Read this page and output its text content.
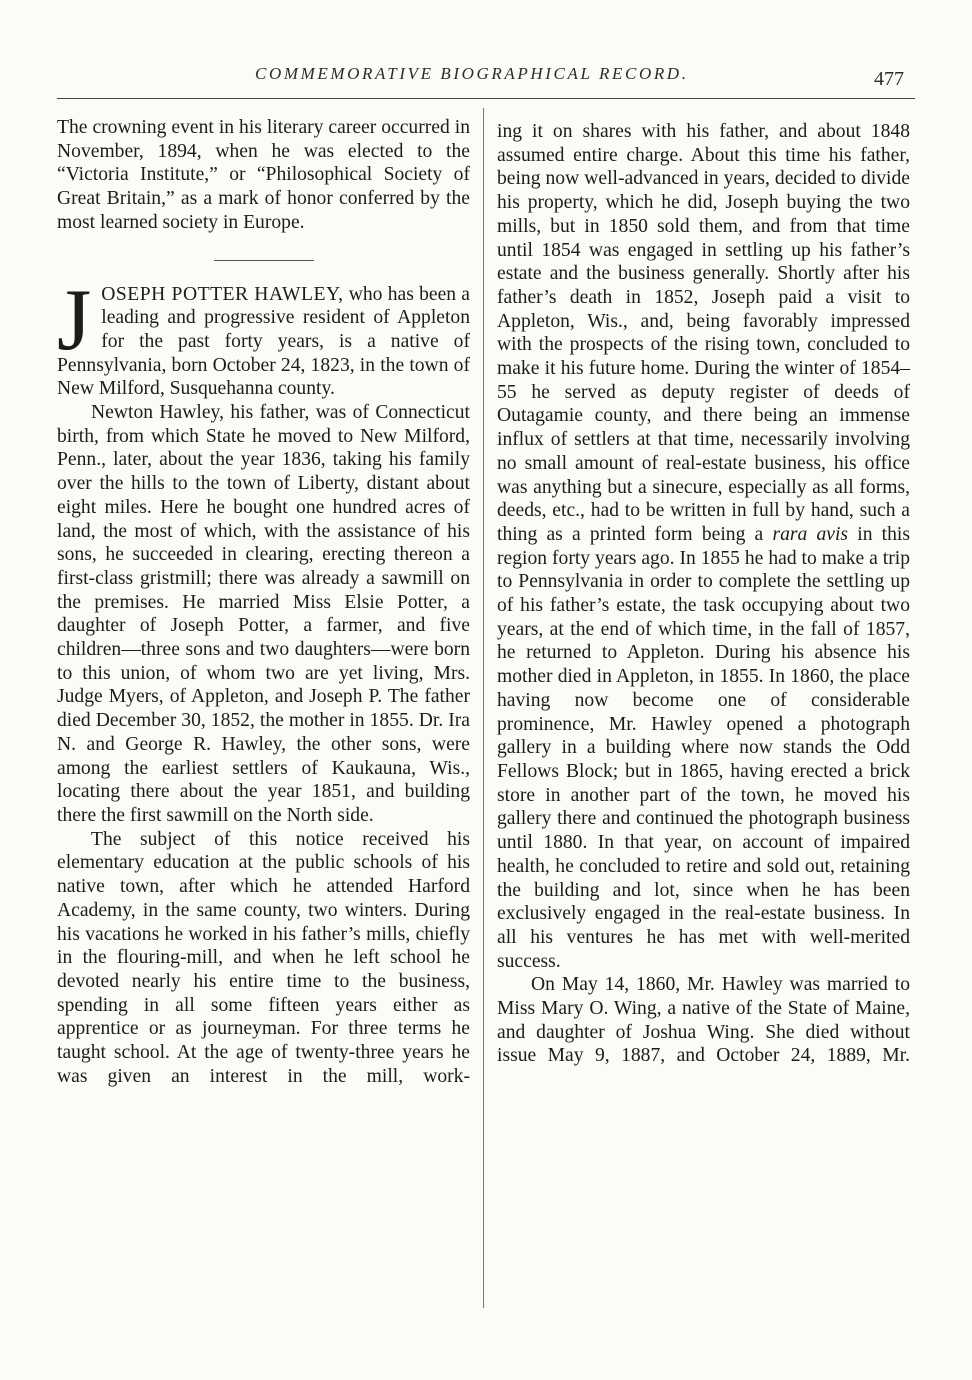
COMMEMORATIVE BIOGRAPHICAL RECORD.	477

The crowning event in his literary career occurred in November, 1894, when he was elected to the “Victoria Institute,” or “Philosophical Society of Great Britain,” as a mark of honor conferred by the most learned society in Europe.

JOSEPH POTTER HAWLEY, who has been a leading and progressive resident of Appleton for the past forty years, is a native of Pennsylvania, born October 24, 1823, in the town of New Milford, Susquehanna county.

Newton Hawley, his father, was of Connecticut birth, from which State he moved to New Milford, Penn., later, about the year 1836, taking his family over the hills to the town of Liberty, distant about eight miles. Here he bought one hundred acres of land, the most of which, with the assistance of his sons, he succeeded in clearing, erecting thereon a first-class gristmill; there was already a sawmill on the premises. He married Miss Elsie Potter, a daughter of Joseph Potter, a farmer, and five children—three sons and two daughters—were born to this union, of whom two are yet living, Mrs. Judge Myers, of Appleton, and Joseph P. The father died December 30, 1852, the mother in 1855. Dr. Ira N. and George R. Hawley, the other sons, were among the earliest settlers of Kaukauna, Wis., locating there about the year 1851, and building there the first sawmill on the North side.

The subject of this notice received his elementary education at the public schools of his native town, after which he attended Harford Academy, in the same county, two winters. During his vacations he worked in his father’s mills, chiefly in the flouring-mill, and when he left school he devoted nearly his entire time to the business, spending in all some fifteen years either as apprentice or as journeyman. For three terms he taught school. At the age of twenty-three years he was given an interest in the mill, work-

ing it on shares with his father, and about 1848 assumed entire charge. About this time his father, being now well-advanced in years, decided to divide his property, which he did, Joseph buying the two mills, but in 1850 sold them, and from that time until 1854 was engaged in settling up his father’s estate and the business generally. Shortly after his father’s death in 1852, Joseph paid a visit to Appleton, Wis., and, being favorably impressed with the prospects of the rising town, concluded to make it his future home. During the winter of 1854–55 he served as deputy register of deeds of Outagamie county, and there being an immense influx of settlers at that time, necessarily involving no small amount of real-estate business, his office was anything but a sinecure, especially as all forms, deeds, etc., had to be written in full by hand, such a thing as a printed form being a rara avis in this region forty years ago. In 1855 he had to make a trip to Pennsylvania in order to complete the settling up of his father’s estate, the task occupying about two years, at the end of which time, in the fall of 1857, he returned to Appleton. During his absence his mother died in Appleton, in 1855. In 1860, the place having now become one of considerable prominence, Mr. Hawley opened a photograph gallery in a building where now stands the Odd Fellows Block; but in 1865, having erected a brick store in another part of the town, he moved his gallery there and continued the photograph business until 1880. In that year, on account of impaired health, he concluded to retire and sold out, retaining the building and lot, since when he has been exclusively engaged in the real-estate business. In all his ventures he has met with well-merited success.

On May 14, 1860, Mr. Hawley was married to Miss Mary O. Wing, a native of the State of Maine, and daughter of Joshua Wing. She died without issue May 9, 1887, and October 24, 1889, Mr.
